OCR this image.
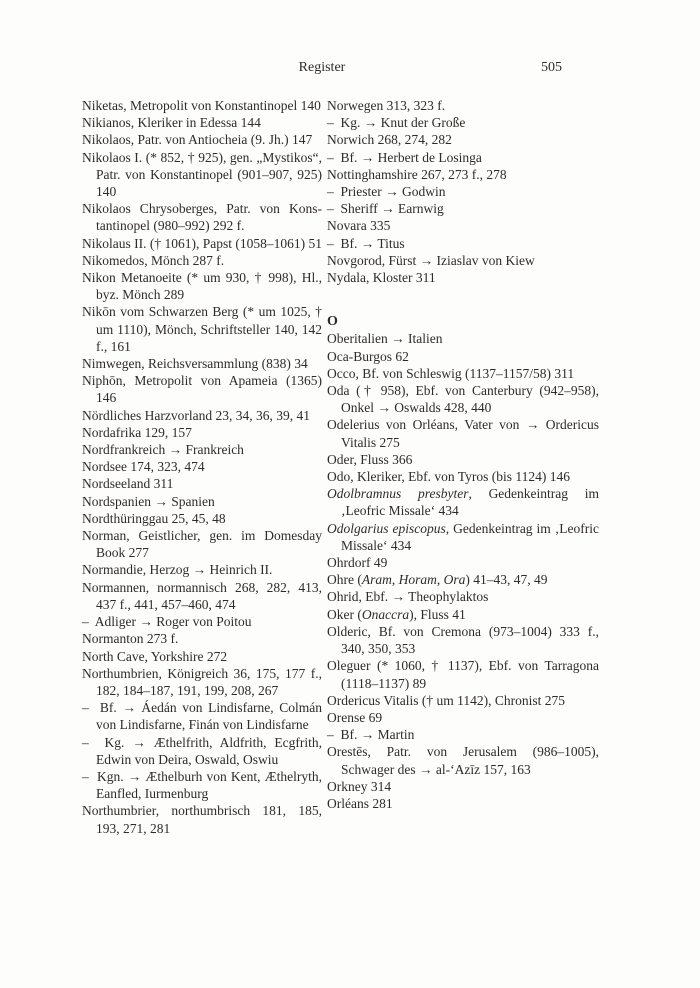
Register	505

Niketas, Metropolit von Konstantinopel 140

Nikianos, Kleriker in Edessa 144

Nikolaos, Patr. von Antiocheia (9. Jh.) 147

Nikolaos I. (* 852, † 925), gen. „Mystikos“, Patr. von Konstantinopel (901–907, 925) 140

Nikolaos Chrysoberges, Patr. von Konstantinopel (980–992) 292 f.

Nikolaus II. († 1061), Papst (1058–1061) 51

Nikomedos, Mönch 287 f.

Nikon Metanoeite (* um 930, † 998), Hl., byz. Mönch 289

Nikōn vom Schwarzen Berg (* um 1025, † um 1110), Mönch, Schriftsteller 140, 142 f., 161

Nimwegen, Reichsversammlung (838) 34

Niphōn, Metropolit von Apameia (1365) 146

Nördliches Harzvorland 23, 34, 36, 39, 41

Nordafrika 129, 157

Nordfrankreich → Frankreich

Nordsee 174, 323, 474

Nordseeland 311

Nordspanien → Spanien

Nordthüringgau 25, 45, 48

Norman, Geistlicher, gen. im Domesday Book 277

Normandie, Herzog → Heinrich II.

Normannen, normannisch 268, 282, 413, 437 f., 441, 457–460, 474

–  Adliger → Roger von Poitou

Normanton 273 f.

North Cave, Yorkshire 272

Northumbrien, Königreich 36, 175, 177 f., 182, 184–187, 191, 199, 208, 267

–  Bf. → Áedán von Lindisfarne, Colmán von Lindisfarne, Finán von Lindisfarne

–  Kg. → Æthelfrith, Aldfrith, Ecgfrith, Edwin von Deira, Oswald, Oswiu

–  Kgn. → Æthelburh von Kent, Æthelryth, Eanfled, Iurmenburg

Northumbrier, northumbrisch 181, 185, 193, 271, 281

Norwegen 313, 323 f.

–  Kg. → Knut der Große

Norwich 268, 274, 282

–  Bf. → Herbert de Losinga

Nottinghamshire 267, 273 f., 278

–  Priester → Godwin

–  Sheriff → Earnwig

Novara 335

–  Bf. → Titus

Novgorod, Fürst → Iziaslav von Kiew

Nydala, Kloster 311

O

Oberitalien → Italien

Oca-Burgos 62

Occo, Bf. von Schleswig (1137–1157/58) 311

Oda († 958), Ebf. von Canterbury (942–958), Onkel → Oswalds 428, 440

Odelerius von Orléans, Vater von → Ordericus Vitalis 275

Oder, Fluss 366

Odo, Kleriker, Ebf. von Tyros (bis 1124) 146

Odolbramnus presbyter, Gedenkeintrag im ‚Leofric Missale‘ 434

Odolgarius episcopus, Gedenkeintrag im ‚Leofric Missale‘ 434

Ohrdorf 49

Ohre (Aram, Horam, Ora) 41–43, 47, 49

Ohrid, Ebf. → Theophylaktos

Oker (Onaccra), Fluss 41

Olderic, Bf. von Cremona (973–1004) 333 f., 340, 350, 353

Oleguer (* 1060, † 1137), Ebf. von Tarragona (1118–1137) 89

Ordericus Vitalis († um 1142), Chronist 275

Orense 69

–  Bf. → Martin

Orestēs, Patr. von Jerusalem (986–1005), Schwager des → al-‘Azīz 157, 163

Orkney 314

Orléans 281
